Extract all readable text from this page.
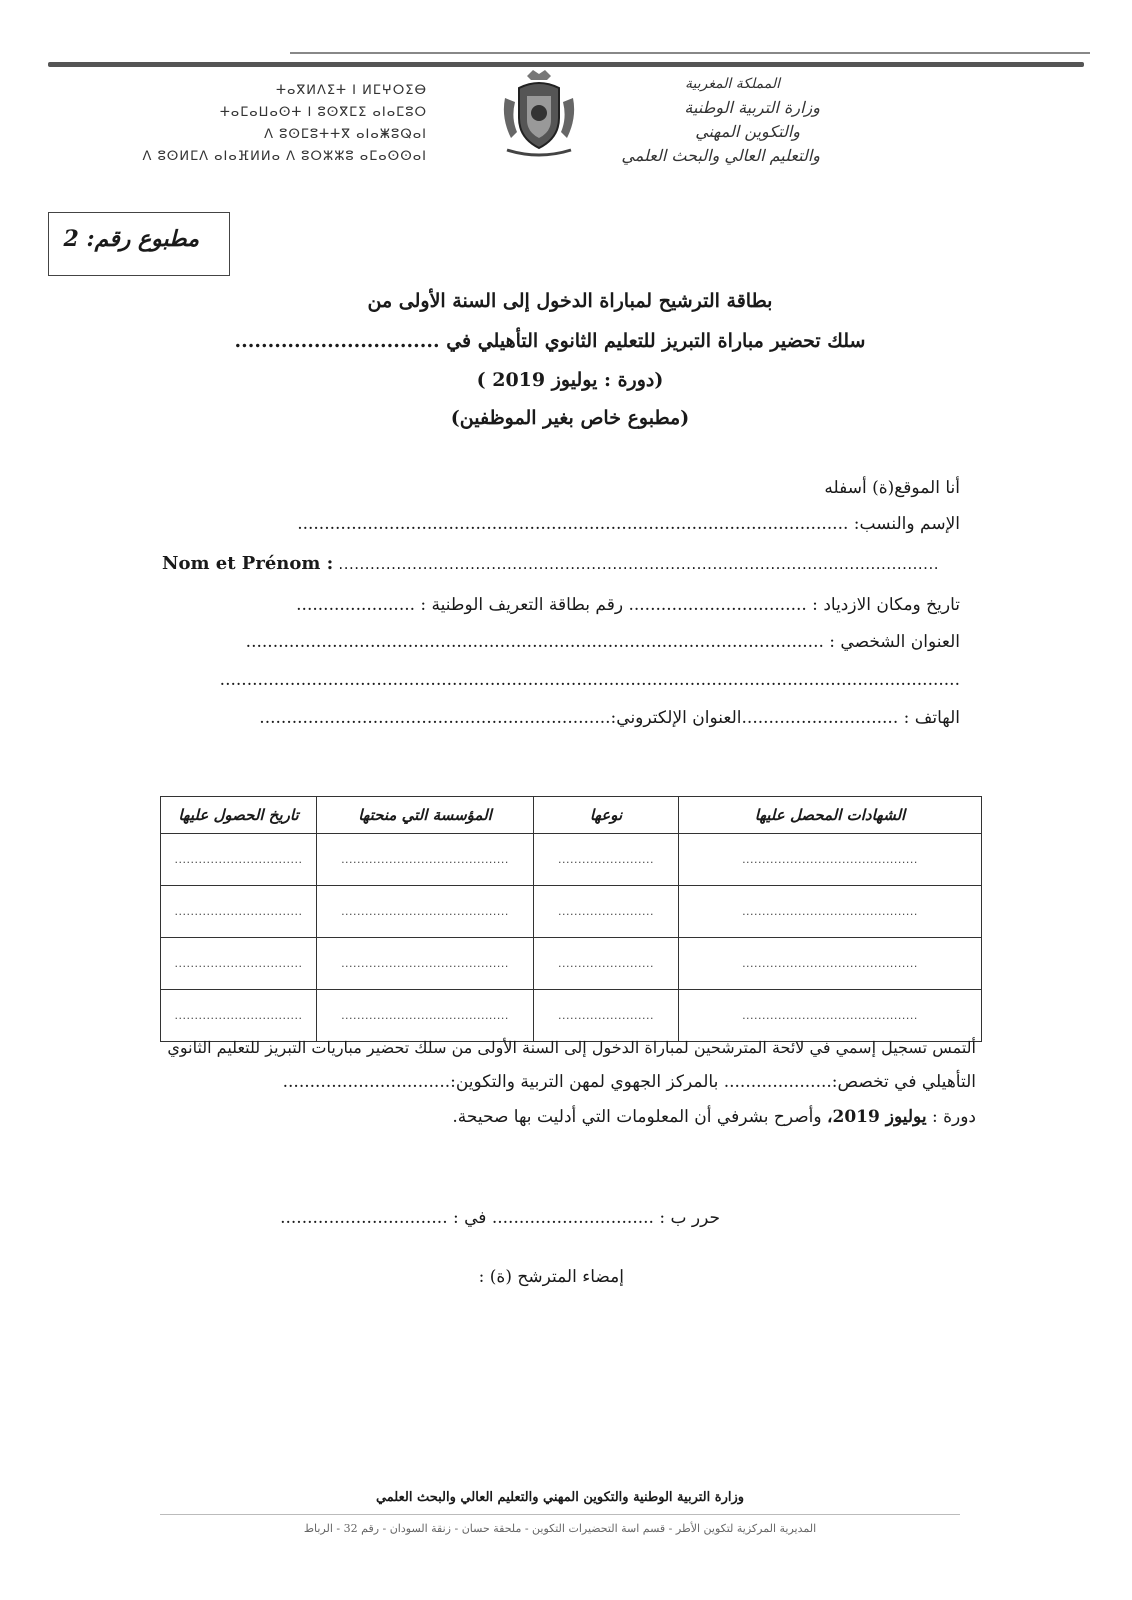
ⵜⴰⴳⵍⴷⵉⵜ ⵏ ⵍⵎⵖⵔⵉⴱ
ⵜⴰⵎⴰⵡⴰⵙⵜ ⵏ ⵓⵙⴳⵎⵉ ⴰⵏⴰⵎⵓⵔ
ⴷ ⵓⵙⵎⵓⵜⵜⴳ ⴰⵏⴰⵥⵓⵕⴰⵏ
ⴷ ⵓⵙⵍⵎⴷ ⴰⵏⴰⴼⵍⵍⴰ ⴷ ⵓⵔⵣⵣⵓ ⴰⵎⴰⵙⵙⴰⵏ
المملكة المغربية
وزارة التربية الوطنية
والتكوين المهني
والتعليم العالي والبحث العلمي
مطبوع رقم: 2
بطاقة الترشيح لمباراة الدخول إلى السنة الأولى من
سلك تحضير مباراة التبريز للتعليم الثانوي التأهيلي في ...............................
(دورة : يوليوز 2019 )
(مطبوع خاص بغير الموظفين)
أنا الموقع(ة) أسفله
الإسم والنسب: ......................................................................................................
Nom et Prénom : ..................................................................................................................
تاريخ ومكان الازدياد : ................................. رقم بطاقة التعريف الوطنية : ......................
العنوان الشخصي : ...........................................................................................................
.........................................................................................................................................
الهاتف : .............................العنوان الإلكتروني:.................................................................
الشهادات المحصل عليها	نوعها	المؤسسة التي منحتها	تاريخ الحصول عليها
............................................	........................	..........................................	................................
............................................	........................	..........................................	................................
............................................	........................	..........................................	................................
............................................	........................	..........................................	................................
ألتمس تسجيل إسمي في لائحة المترشحين لمباراة الدخول إلى السنة الأولى من سلك تحضير مباريات التبريز للتعليم الثانوي
التأهيلي في تخصص:.................... بالمركز الجهوي لمهن التربية والتكوين:...............................
دورة : يوليوز 2019، وأصرح بشرفي أن المعلومات التي أدليت بها صحيحة.
حرر ب : .............................. في : ...............................
إمضاء المترشح (ة) :
وزارة التربية الوطنية والتكوين المهني والتعليم العالي والبحث العلمي
المديرية المركزية لتكوين الأطر - قسم اسة التحضيرات التكوين - ملحقة حسان - زنقة السودان - رقم 32 - الرباط
